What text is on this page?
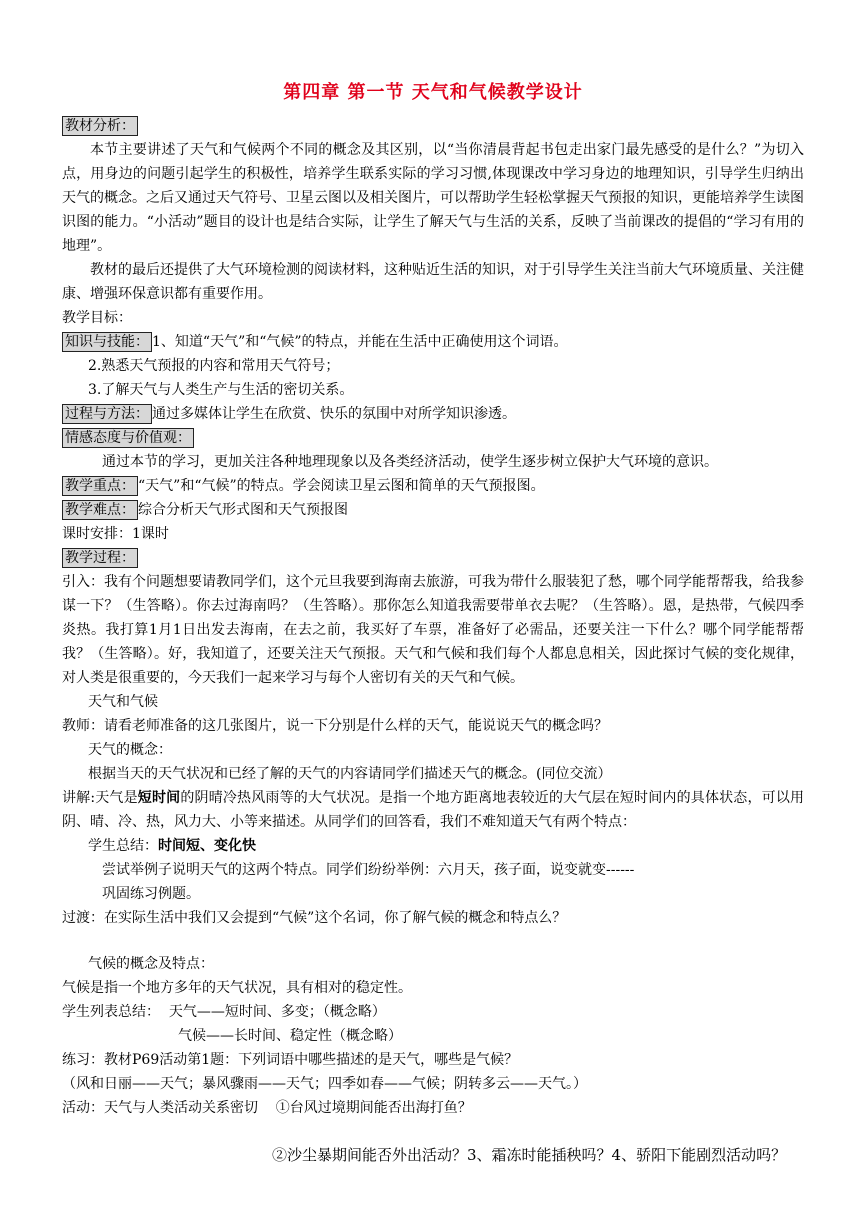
第四章 第一节 天气和气候教学设计

教材分析：

本节主要讲述了天气和气候两个不同的概念及其区别，以“当你清晨背起书包走出家门最先感受的是什么？”为切入点，用身边的问题引起学生的积极性，培养学生联系实际的学习习惯,体现课改中学习身边的地理知识，引导学生归纳出天气的概念。之后又通过天气符号、卫星云图以及相关图片，可以帮助学生轻松掌握天气预报的知识，更能培养学生读图识图的能力。“小活动”题目的设计也是结合实际，让学生了解天气与生活的关系，反映了当前课改的提倡的“学习有用的地理”。

教材的最后还提供了大气环境检测的阅读材料，这种贴近生活的知识，对于引导学生关注当前大气环境质量、关注健康、增强环保意识都有重要作用。

教学目标：

知识与技能： 1、知道“天气”和“气候”的特点，并能在生活中正确使用这个词语。

2.熟悉天气预报的内容和常用天气符号；

3.了解天气与人类生产与生活的密切关系。

过程与方法： 通过多媒体让学生在欣赏、快乐的氛围中对所学知识渗透。

情感态度与价值观：

通过本节的学习，更加关注各种地理现象以及各类经济活动，使学生逐步树立保护大气环境的意识。

教学重点： “天气”和“气候”的特点。学会阅读卫星云图和简单的天气预报图。

教学难点： 综合分析天气形式图和天气预报图

课时安排：1课时

教学过程：

引入：我有个问题想要请教同学们，这个元旦我要到海南去旅游，可我为带什么服装犯了愁，哪个同学能帮帮我，给我参谋一下？（生答略）。你去过海南吗？（生答略）。那你怎么知道我需要带单衣去呢？（生答略）。恩，是热带，气候四季炎热。我打算1月1日出发去海南，在去之前，我买好了车票，准备好了必需品，还要关注一下什么？哪个同学能帮帮我？（生答略）。好，我知道了，还要关注天气预报。天气和气候和我们每个人都息息相关，因此探讨气候的变化规律，对人类是很重要的，今天我们一起来学习与每个人密切有关的天气和气候。

天气和气候

教师：请看老师准备的这几张图片，说一下分别是什么样的天气，能说说天气的概念吗？

天气的概念：

根据当天的天气状况和已经了解的天气的内容请同学们描述天气的概念。(同位交流）

讲解:天气是短时间的阴晴冷热风雨等的大气状况。是指一个地方距离地表较近的大气层在短时间内的具体状态，可以用阴、晴、冷、热，风力大、小等来描述。从同学们的回答看，我们不难知道天气有两个特点：

学生总结：时间短、变化快

尝试举例子说明天气的这两个特点。同学们纷纷举例：六月天，孩子面，说变就变------

巩固练习例题。

过渡：在实际生活中我们又会提到“气候”这个名词，你了解气候的概念和特点么？

气候的概念及特点：

气候是指一个地方多年的天气状况，具有相对的稳定性。

学生列表总结： 天气——短时间、多变；（概念略）

气候——长时间、稳定性（概念略）

练习：教材P69活动第1题：下列词语中哪些描述的是天气，哪些是气候？

（风和日丽——天气；暴风骤雨——天气；四季如春——气候；阴转多云——天气。）

活动：天气与人类活动关系密切    ①台风过境期间能否出海打鱼？

②沙尘暴期间能否外出活动？3、霜冻时能插秧吗？4、骄阳下能剧烈活动吗？
